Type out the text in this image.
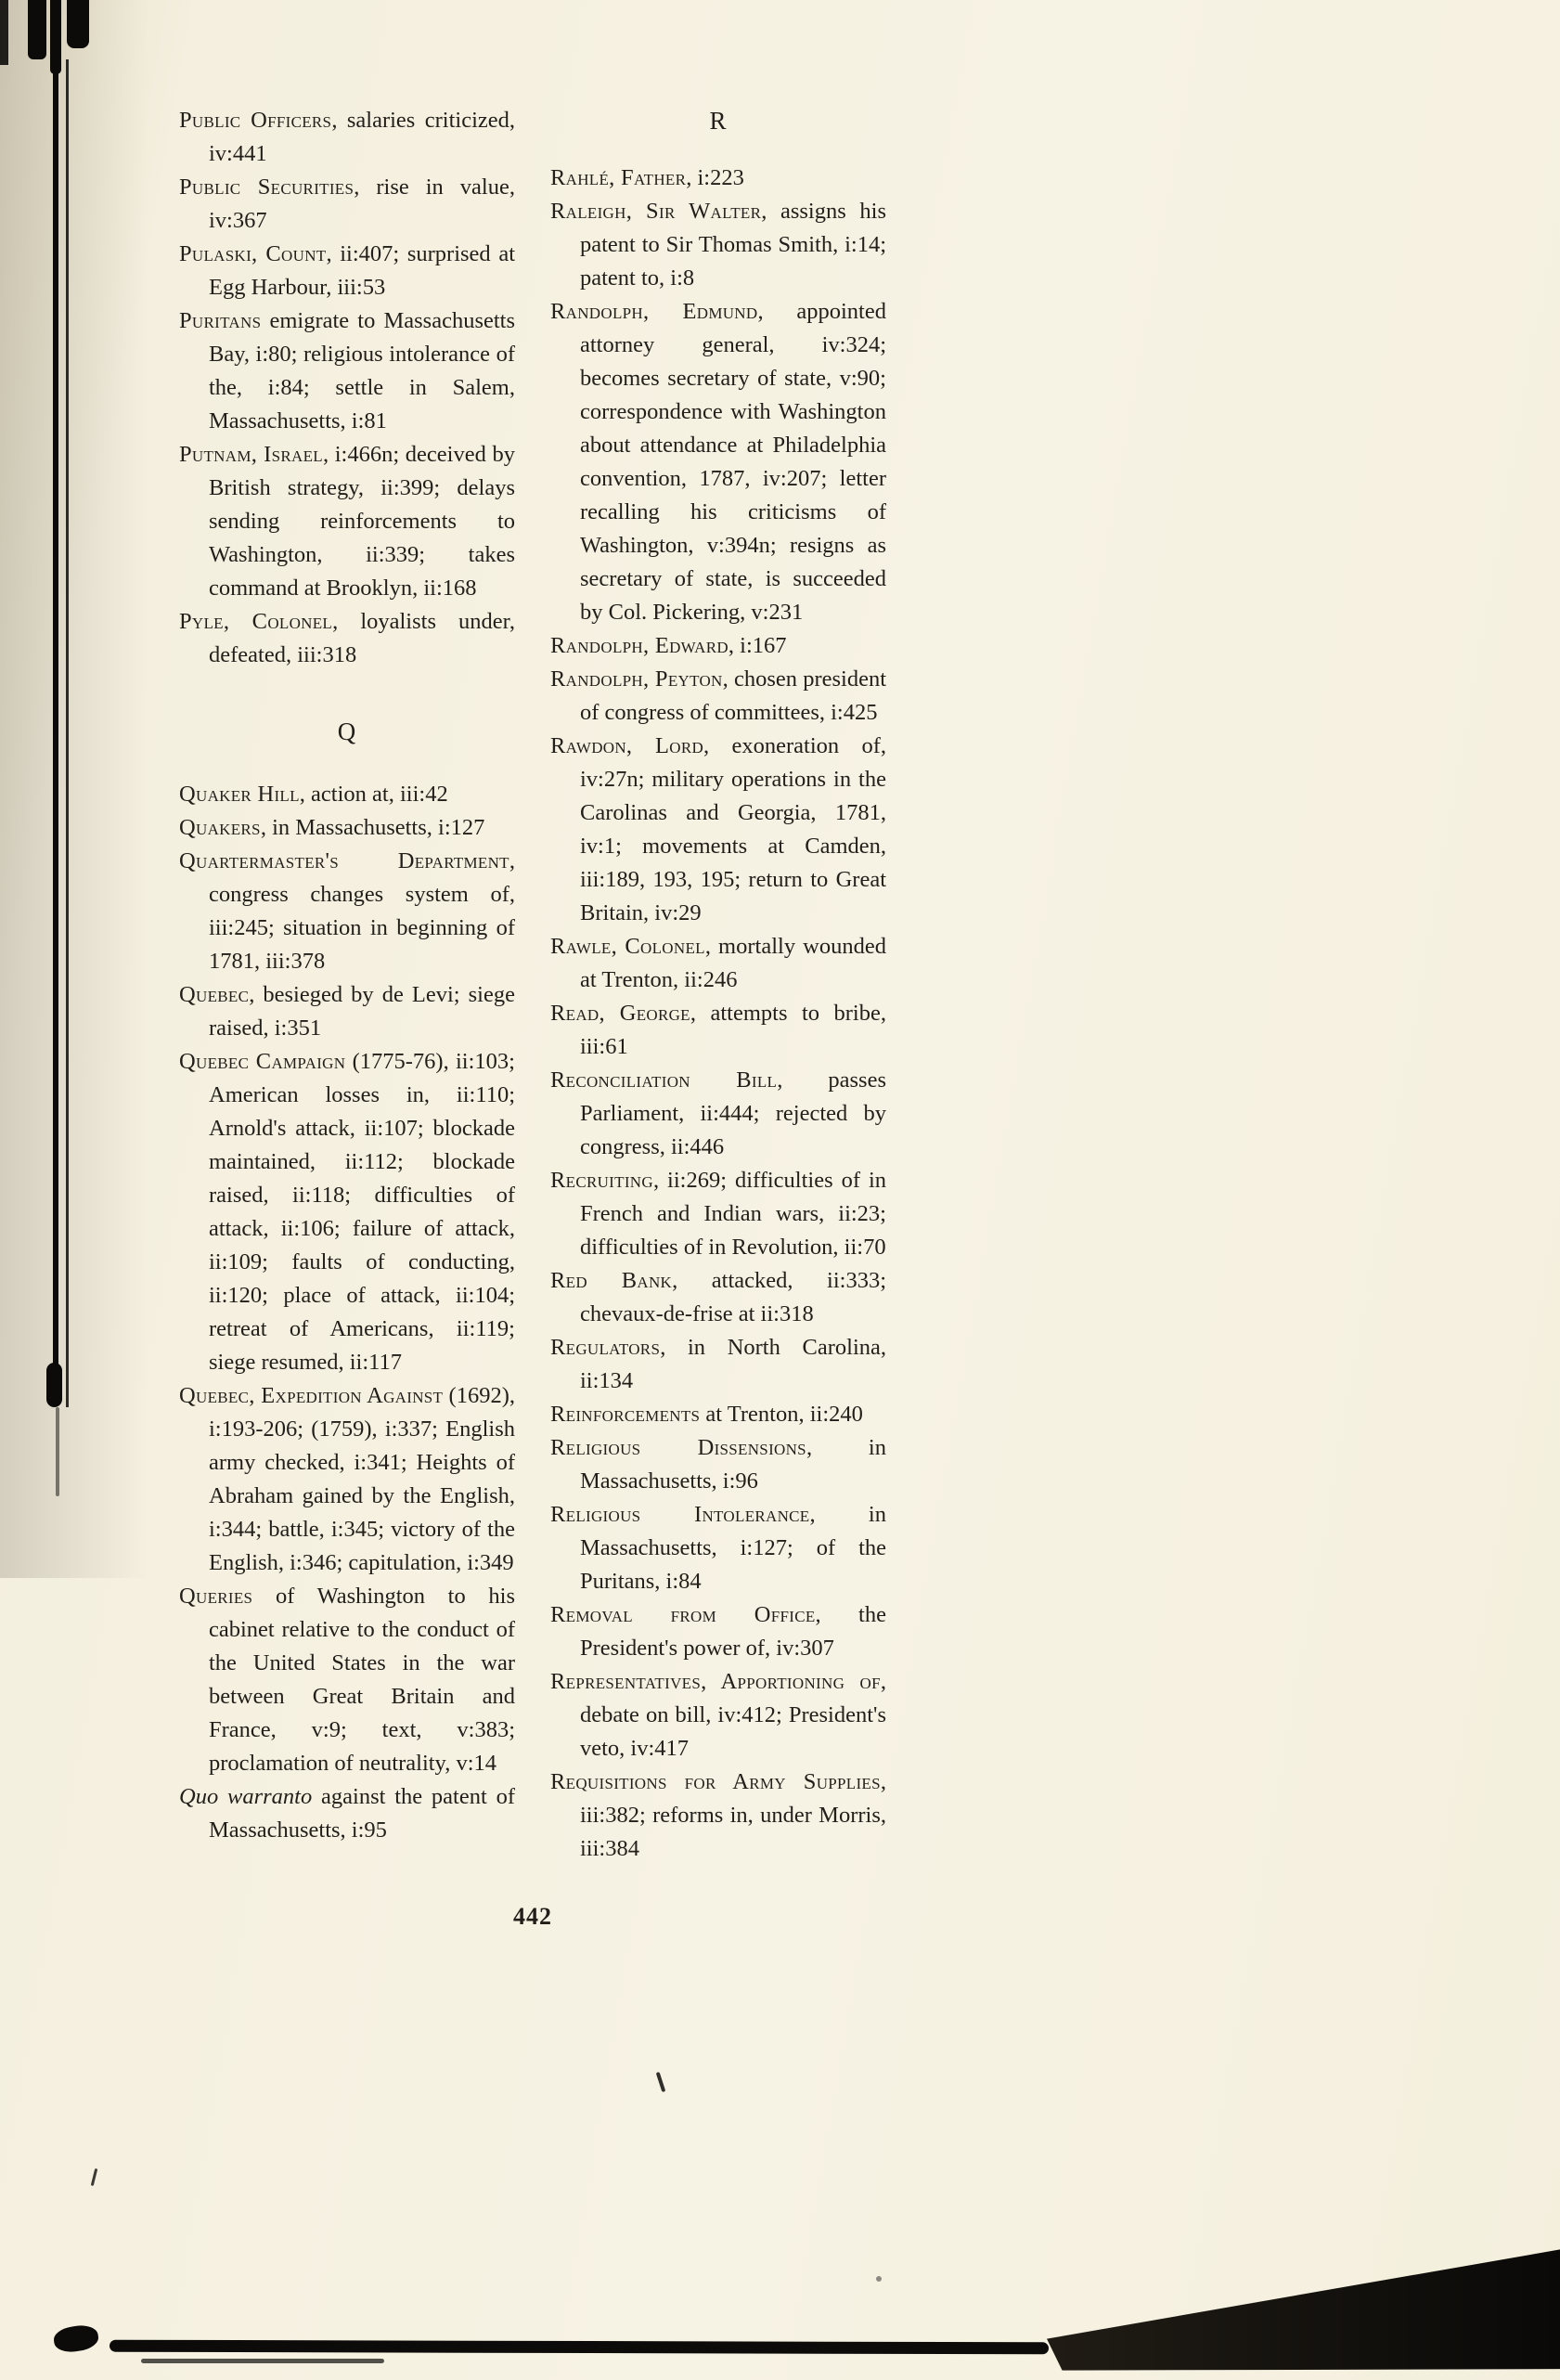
Public Officers, salaries criticized, iv:441

Public Securities, rise in value, iv:367

Pulaski, Count, ii:407; surprised at Egg Harbour, iii:53

Puritans emigrate to Massachusetts Bay, i:80; religious intolerance of the, i:84; settle in Salem, Massachusetts, i:81

Putnam, Israel, i:466n; deceived by British strategy, ii:399; delays sending reinforcements to Washington, ii:339; takes command at Brooklyn, ii:168

Pyle, Colonel, loyalists under, defeated, iii:318

Q

Quaker Hill, action at, iii:42

Quakers, in Massachusetts, i:127

Quartermaster's Department, congress changes system of, iii:245; situation in beginning of 1781, iii:378

Quebec, besieged by de Levi; siege raised, i:351

Quebec Campaign (1775-76), ii:103; American losses in, ii:110; Arnold's attack, ii:107; blockade maintained, ii:112; blockade raised, ii:118; difficulties of attack, ii:106; failure of attack, ii:109; faults of conducting, ii:120; place of attack, ii:104; retreat of Americans, ii:119; siege resumed, ii:117

Quebec, Expedition Against (1692), i:193-206; (1759), i:337; English army checked, i:341; Heights of Abraham gained by the English, i:344; battle, i:345; victory of the English, i:346; capitulation, i:349

Queries of Washington to his cabinet relative to the conduct of the United States in the war between Great Britain and France, v:9; text, v:383; proclamation of neutrality, v:14

Quo warranto against the patent of Massachusetts, i:95

R

Rahlé, Father, i:223

Raleigh, Sir Walter, assigns his patent to Sir Thomas Smith, i:14; patent to, i:8

Randolph, Edmund, appointed attorney general, iv:324; becomes secretary of state, v:90; correspondence with Washington about attendance at Philadelphia convention, 1787, iv:207; letter recalling his criticisms of Washington, v:394n; resigns as secretary of state, is succeeded by Col. Pickering, v:231

Randolph, Edward, i:167

Randolph, Peyton, chosen president of congress of committees, i:425

Rawdon, Lord, exoneration of, iv:27n; military operations in the Carolinas and Georgia, 1781, iv:1; movements at Camden, iii:189, 193, 195; return to Great Britain, iv:29

Rawle, Colonel, mortally wounded at Trenton, ii:246

Read, George, attempts to bribe, iii:61

Reconciliation Bill, passes Parliament, ii:444; rejected by congress, ii:446

Recruiting, ii:269; difficulties of in French and Indian wars, ii:23; difficulties of in Revolution, ii:70

Red Bank, attacked, ii:333; chevaux-de-frise at ii:318

Regulators, in North Carolina, ii:134

Reinforcements at Trenton, ii:240

Religious Dissensions, in Massachusetts, i:96

Religious Intolerance, in Massachusetts, i:127; of the Puritans, i:84

Removal from Office, the President's power of, iv:307

Representatives, Apportioning of, debate on bill, iv:412; President's veto, iv:417

Requisitions for Army Supplies, iii:382; reforms in, under Morris, iii:384

442
